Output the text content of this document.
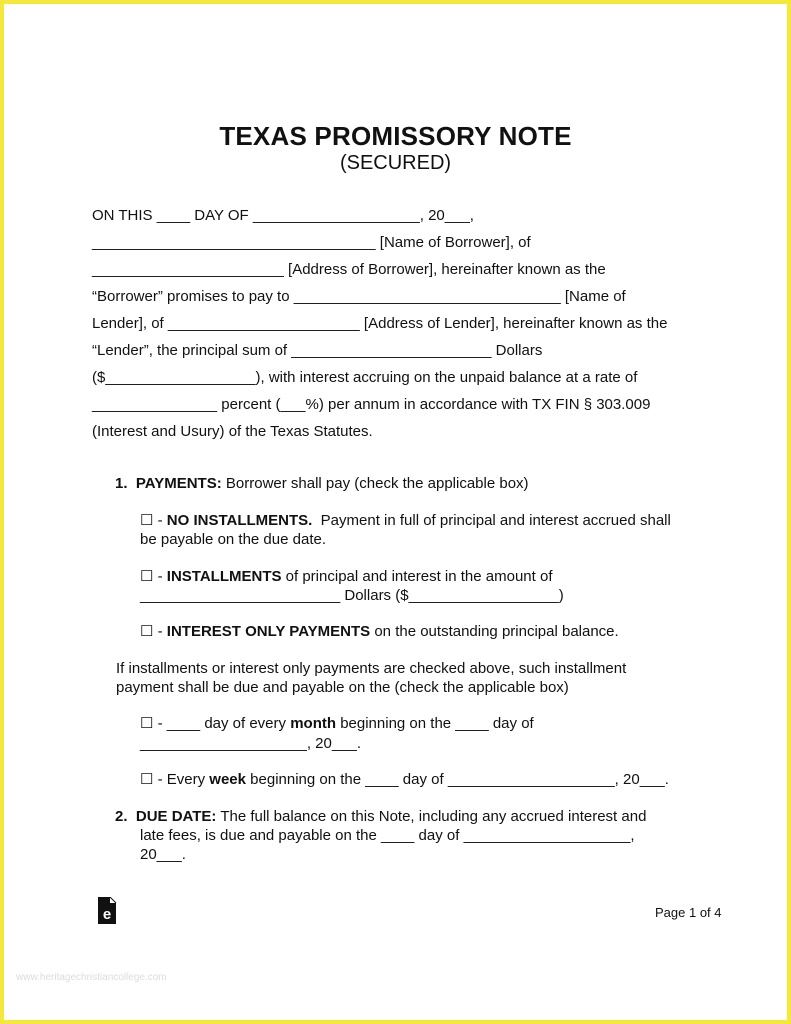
TEXAS PROMISSORY NOTE
(SECURED)
ON THIS ____ DAY OF ____________________, 20___,
__________________________________ [Name of Borrower], of
_______________________ [Address of Borrower], hereinafter known as the
“Borrower” promises to pay to ________________________________ [Name of
Lender], of _______________________ [Address of Lender], hereinafter known as the
“Lender”, the principal sum of ________________________ Dollars
($__________________), with interest accruing on the unpaid balance at a rate of
_______________ percent (___%) per annum in accordance with TX FIN § 303.009
(Interest and Usury) of the Texas Statutes.
1. PAYMENTS: Borrower shall pay (check the applicable box)
☐ - NO INSTALLMENTS.  Payment in full of principal and interest accrued shall
be payable on the due date.
☐ - INSTALLMENTS of principal and interest in the amount of
________________________ Dollars ($__________________)
☐ - INTEREST ONLY PAYMENTS on the outstanding principal balance.
If installments or interest only payments are checked above, such installment
payment shall be due and payable on the (check the applicable box)
☐ - ____ day of every month beginning on the ____ day of
____________________, 20___.
☐ - Every week beginning on the ____ day of ____________________, 20___.
2. DUE DATE: The full balance on this Note, including any accrued interest and
late fees, is due and payable on the ____ day of ____________________,
20___.
e	Page 1 of 4
www.heritagechristiancollege.com
